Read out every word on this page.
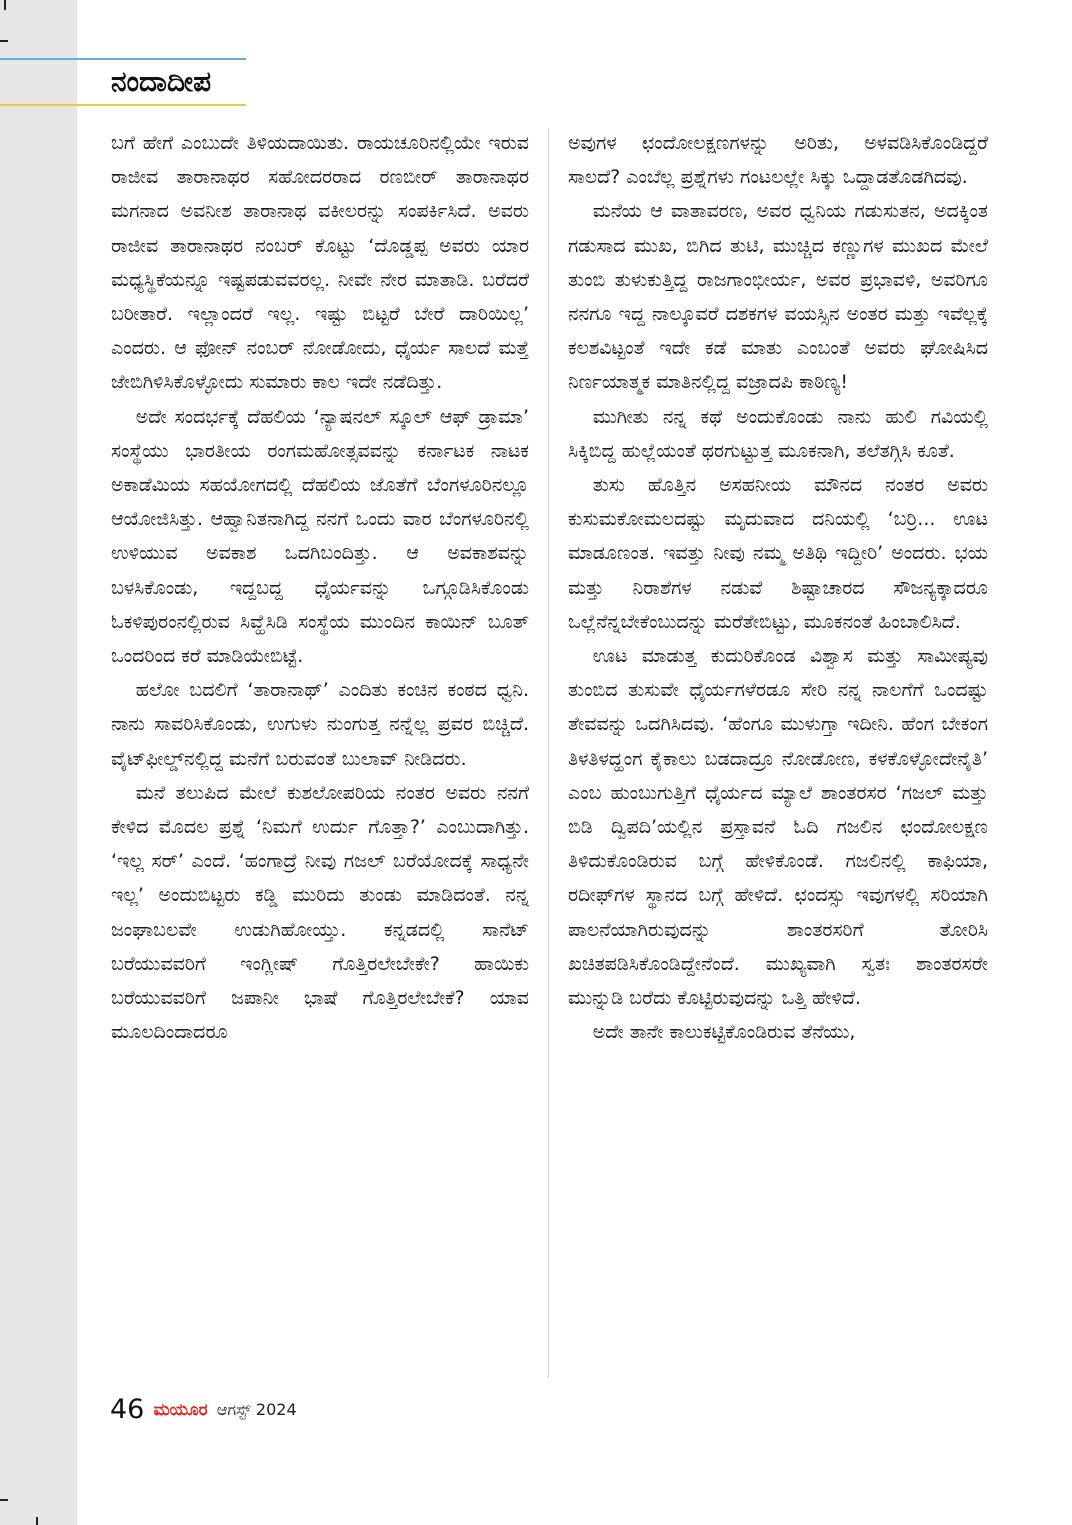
ನಂದಾದೀಪ

ಬಗೆ ಹೇಗೆ ಎಂಬುದೇ ತಿಳಿಯದಾಯಿತು. ರಾಯಚೂರಿನಲ್ಲಿಯೇ ಇರುವ ರಾಜೀವ ತಾರಾನಾಥರ ಸಹೋದರರಾದ ರಣಬೀರ್ ತಾರಾನಾಥರ ಮಗನಾದ ಅವನೀಶ ತಾರಾನಾಥ ವಕೀಲರನ್ನು ಸಂಪರ್ಕಿಸಿದೆ. ಅವರು ರಾಜೀವ ತಾರಾನಾಥರ ನಂಬರ್ ಕೊಟ್ಟು ‘ದೊಡ್ಡಪ್ಪ ಅವರು ಯಾರ ಮಧ್ಯಸ್ಥಿಕೆಯನ್ನೂ ಇಷ್ಟಪಡುವವರಲ್ಲ. ನೀವೇ ನೇರ ಮಾತಾಡಿ. ಬರೆದರೆ ಬರೀತಾರೆ. ಇಲ್ಲಾಂದರೆ ಇಲ್ಲ. ಇಷ್ಟು ಬಿಟ್ಟರೆ ಬೇರೆ ದಾರಿಯಿಲ್ಲ’ ಎಂದರು. ಆ ಫೋನ್ ನಂಬರ್ ನೋಡೋದು, ಧೈರ್ಯ ಸಾಲದೆ ಮತ್ತೆ ಜೇಬಿಗಿಳಿಸಿಕೊಳ್ಳೋದು ಸುಮಾರು ಕಾಲ ಇದೇ ನಡೆದಿತ್ತು.

ಅದೇ ಸಂದರ್ಭಕ್ಕೆ ದೆಹಲಿಯ ‘ನ್ಯಾಷನಲ್ ಸ್ಕೂಲ್ ಆಫ್ ಡ್ರಾಮಾ’ ಸಂಸ್ಥೆಯು ಭಾರತೀಯ ರಂಗಮಹೋತ್ಸವವನ್ನು ಕರ್ನಾಟಕ ನಾಟಕ ಅಕಾಡೆಮಿಯ ಸಹಯೋಗದಲ್ಲಿ ದೆಹಲಿಯ ಜೊತೆಗೆ ಬೆಂಗಳೂರಿನಲ್ಲೂ ಆಯೋಜಿಸಿತ್ತು. ಆಹ್ವಾನಿತನಾಗಿದ್ದ ನನಗೆ ಒಂದು ವಾರ ಬೆಂಗಳೂರಿನಲ್ಲಿ ಉಳಿಯುವ ಅವಕಾಶ ಒದಗಿಬಂದಿತ್ತು. ಆ ಅವಕಾಶವನ್ನು ಬಳಸಿಕೊಂಡು, ಇದ್ದಬದ್ದ ಧೈರ್ಯವನ್ನು ಒಗ್ಗೂಡಿಸಿಕೊಂಡು ಓಕಳಿಪುರಂನಲ್ಲಿರುವ ಸಿವ್ಹೆಸಿಡಿ ಸಂಸ್ಥೆಯ ಮುಂದಿನ ಕಾಯಿನ್ ಬೂತ್ ಒಂದರಿಂದ ಕರೆ ಮಾಡಿಯೇಬಿಟ್ಟೆ.

ಹಲೋ ಬದಲಿಗೆ ‘ತಾರಾನಾಥ್’ ಎಂದಿತು ಕಂಚಿನ ಕಂಠದ ಧ್ವನಿ. ನಾನು ಸಾವರಿಸಿಕೊಂಡು, ಉಗುಳು ನುಂಗುತ್ತ ನನ್ನೆಲ್ಲ ಪ್ರವರ ಬಿಚ್ಚಿದೆ. ವೈಟ್‌ಫೀಲ್ಡ್‌ನಲ್ಲಿದ್ದ ಮನೆಗೆ ಬರುವಂತೆ ಬುಲಾವ್ ನೀಡಿದರು.

ಮನೆ ತಲುಪಿದ ಮೇಲೆ ಕುಶಲೋಪರಿಯ ನಂತರ ಅವರು ನನಗೆ ಕೇಳಿದ ಮೊದಲ ಪ್ರಶ್ನೆ ‘ನಿಮಗೆ ಉರ್ದು ಗೊತ್ತಾ?’ ಎಂಬುದಾಗಿತ್ತು. ‘ಇಲ್ಲ ಸರ್’ ಎಂದೆ. ‘ಹಂಗಾದ್ರೆ ನೀವು ಗಜಲ್ ಬರೆಯೋದಕ್ಕೆ ಸಾಧ್ಯನೇ ಇಲ್ಲ’ ಅಂದುಬಿಟ್ಟರು ಕಡ್ಡಿ ಮುರಿದು ತುಂಡು ಮಾಡಿದಂತೆ. ನನ್ನ ಜಂಘಾಬಲವೇ ಉಡುಗಿಹೋಯ್ತು. ಕನ್ನಡದಲ್ಲಿ ಸಾನೆಟ್ ಬರೆಯುವವರಿಗೆ ಇಂಗ್ಲೀಷ್ ಗೊತ್ತಿರಲೇಬೇಕೇ? ಹಾಯಿಕು ಬರೆಯುವವರಿಗೆ ಜಪಾನೀ ಭಾಷೆ ಗೊತ್ತಿರಲೇಬೇಕೆ? ಯಾವ ಮೂಲದಿಂದಾದರೂ

ಅವುಗಳ ಛಂದೋಲಕ್ಷಣಗಳನ್ನು ಅರಿತು, ಅಳವಡಿಸಿಕೊಂಡಿದ್ದರೆ ಸಾಲದೆ? ಎಂಬೆಲ್ಲ ಪ್ರಶ್ನೆಗಳು ಗಂಟಲಲ್ಲೇ ಸಿಕ್ಕು ಒದ್ದಾಡತೊಡಗಿದವು.

ಮನೆಯ ಆ ವಾತಾವರಣ, ಅವರ ಧ್ವನಿಯ ಗಡುಸುತನ, ಅದಕ್ಕಿಂತ ಗಡುಸಾದ ಮುಖ, ಬಿಗಿದ ತುಟಿ, ಮುಚ್ಚಿದ ಕಣ್ಣುಗಳ ಮುಖದ ಮೇಲೆ ತುಂಬಿ ತುಳುಕುತ್ತಿದ್ದ ರಾಜಗಾಂಭೀರ್ಯ, ಅವರ ಪ್ರಭಾವಳಿ, ಅವರಿಗೂ ನನಗೂ ಇದ್ದ ನಾಲ್ಕೂವರೆ ದಶಕಗಳ ವಯಸ್ಸಿನ ಅಂತರ ಮತ್ತು ಇವೆಲ್ಲಕ್ಕೆ ಕಲಶವಿಟ್ಟಂತೆ ಇದೇ ಕಡೆ ಮಾತು ಎಂಬಂತೆ ಅವರು ಘೋಷಿಸಿದ ನಿರ್ಣಯಾತ್ಮಕ ಮಾತಿನಲ್ಲಿದ್ದ ವಜ್ರಾದಪಿ ಕಾಠಿಣ್ಯ!

ಮುಗೀತು ನನ್ನ ಕಥೆ ಅಂದುಕೊಂಡು ನಾನು ಹುಲಿ ಗವಿಯಲ್ಲಿ ಸಿಕ್ಕಿಬಿದ್ದ ಹುಲ್ಲೆಯಂತೆ ಥರಗುಟ್ಟುತ್ತ ಮೂಕನಾಗಿ, ತಲೆತಗ್ಗಿಸಿ ಕೂತೆ.

ತುಸು ಹೊತ್ತಿನ ಅಸಹನೀಯ ಮೌನದ ನಂತರ ಅವರು ಕುಸುಮಕೋಮಲದಷ್ಟು ಮೃದುವಾದ ದನಿಯಲ್ಲಿ ‘ಬರ್ರಿ... ಊಟ ಮಾಡೂಣಂತ. ಇವತ್ತು ನೀವು ನಮ್ಮ ಅತಿಥಿ ಇದ್ದೀರಿ’ ಅಂದರು. ಭಯ ಮತ್ತು ನಿರಾಶೆಗಳ ನಡುವೆ ಶಿಷ್ಟಾಚಾರದ ಸೌಜನ್ಯಕ್ಕಾದರೂ ಒಲ್ಲೆನೆನ್ನಬೇಕೆಂಬುದನ್ನು ಮರೆತೇಬಿಟ್ಟು, ಮೂಕನಂತೆ ಹಿಂಬಾಲಿಸಿದೆ.

ಊಟ ಮಾಡುತ್ತ ಕುದುರಿಕೊಂಡ ವಿಶ್ವಾಸ ಮತ್ತು ಸಾಮೀಪ್ಯವು ತುಂಬಿದ ತುಸುವೇ ಧೈರ್ಯಗಳೆರಡೂ ಸೇರಿ ನನ್ನ ನಾಲಗೆಗೆ ಒಂದಷ್ಟು ತೇವವನ್ನು ಒದಗಿಸಿದವು. ‘ಹೆಂಗೂ ಮುಳುಗ್ತಾ ಇದೀನಿ. ಹೆಂಗ ಬೇಕಂಗ ತಿಳತಿಳದ್ಹಂಗ ಕೈಕಾಲು ಬಡದಾದ್ರೂ ನೋಡೋಣ, ಕಳಕೊಳ್ಳೋದೇನೈತಿ’ ಎಂಬ ಹುಂಬುಗುತ್ತಿಗೆ ಧೈರ್ಯದ ಮ್ಯಾಲೆ ಶಾಂತರಸರ ‘ಗಜಲ್ ಮತ್ತು ಬಿಡಿ ದ್ವಿಪದಿ’ಯಲ್ಲಿನ ಪ್ರಸ್ತಾವನೆ ಓದಿ ಗಜಲಿನ ಛಂದೋಲಕ್ಷಣ ತಿಳಿದುಕೊಂಡಿರುವ ಬಗ್ಗೆ ಹೇಳಿಕೊಂಡೆ. ಗಜಲಿನಲ್ಲಿ ಕಾಫಿಯಾ, ರದೀಫ್‌ಗಳ ಸ್ಥಾನದ ಬಗ್ಗೆ ಹೇಳಿದೆ. ಛಂದಸ್ಸು ಇವುಗಳಲ್ಲಿ ಸರಿಯಾಗಿ ಪಾಲನೆಯಾಗಿರುವುದನ್ನು ಶಾಂತರಸರಿಗೆ ತೋರಿಸಿ ಖಚಿತಪಡಿಸಿಕೊಂಡಿದ್ದೇನೆಂದೆ. ಮುಖ್ಯವಾಗಿ ಸ್ವತಃ ಶಾಂತರಸರೇ ಮುನ್ನುಡಿ ಬರೆದು ಕೊಟ್ಟಿರುವುದನ್ನು ಒತ್ತಿ ಹೇಳಿದೆ.

ಅದೇ ತಾನೇ ಕಾಲುಕಟ್ಟಿಕೊಂಡಿರುವ ತೆನೆಯು,

46 ಮಯೂರ ಆಗಸ್ಟ್ 2024
